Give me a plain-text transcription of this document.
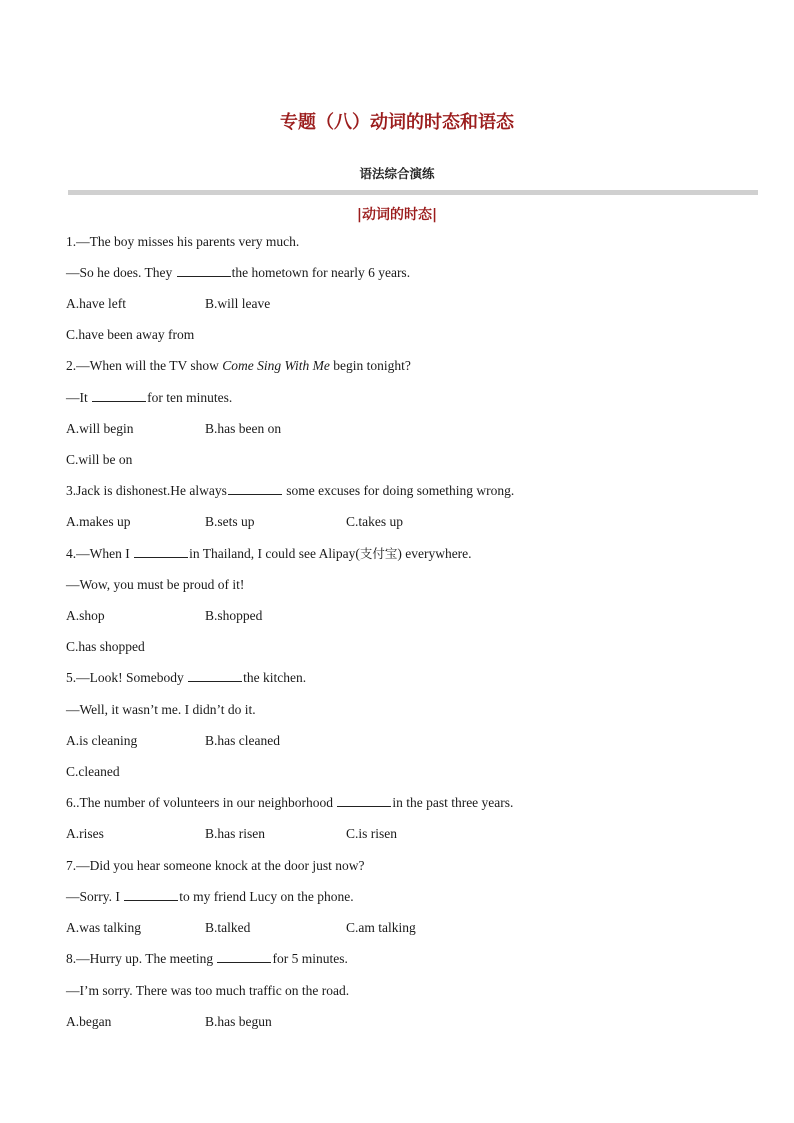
专题（八）动词的时态和语态
语法综合演练
|动词的时态|
1.—The boy misses his parents very much.
—So he does. They	the hometown for nearly 6 years.
A.have left	B.will leave
C.have been away from
2.—When will the TV show Come Sing With Me begin tonight?
—It	for ten minutes.
A.will begin	B.has been on
C.will be on
3.Jack is dishonest.He always	some excuses for doing something wrong.
A.makes up	B.sets up	C.takes up
4.—When I	in Thailand, I could see Alipay(支付宝) everywhere.
—Wow, you must be proud of it!
A.shop	B.shopped
C.has shopped
5.—Look! Somebody	the kitchen.
—Well, it wasn’t me. I didn’t do it.
A.is cleaning	B.has cleaned
C.cleaned
6..The number of volunteers in our neighborhood	in the past three years.
A.rises	B.has risen	C.is risen
7.—Did you hear someone knock at the door just now?
—Sorry. I	to my friend Lucy on the phone.
A.was talking	B.talked	C.am talking
8.—Hurry up. The meeting	for 5 minutes.
—I’m sorry. There was too much traffic on the road.
A.began	B.has begun
